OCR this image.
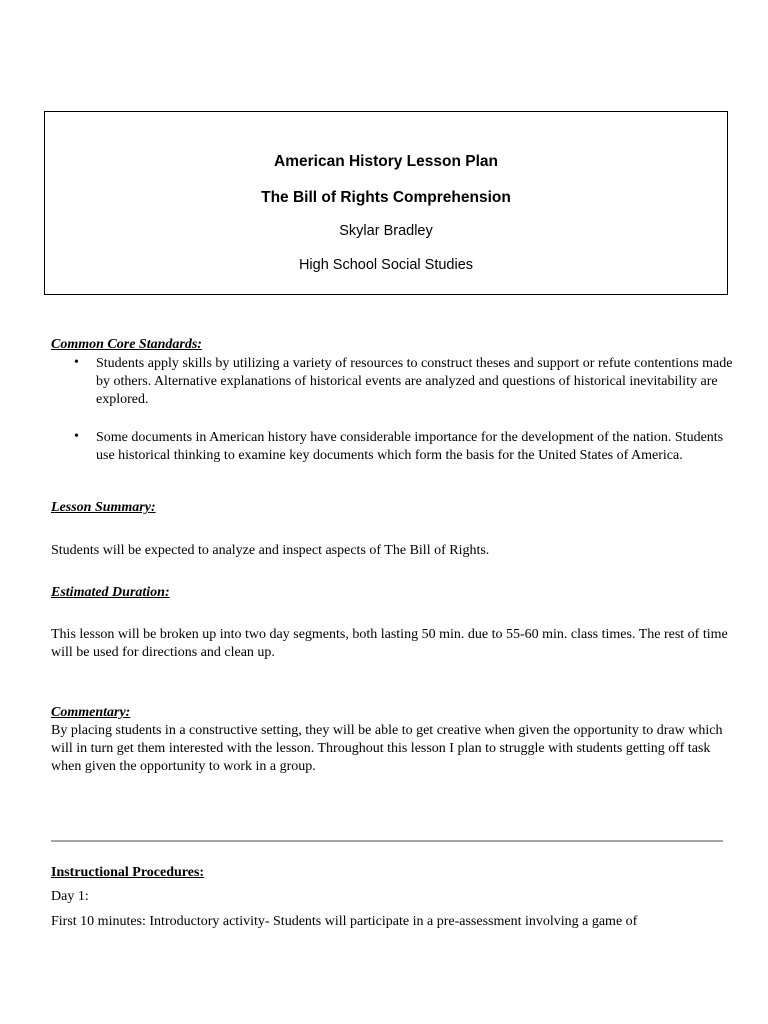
American History Lesson Plan
The Bill of Rights Comprehension
Skylar Bradley
High School Social Studies
Common Core Standards:
• Students apply skills by utilizing a variety of resources to construct theses and support or refute contentions made by others. Alternative explanations of historical events are analyzed and questions of historical inevitability are explored.
• Some documents in American history have considerable importance for the development of the nation. Students use historical thinking to examine key documents which form the basis for the United States of America.
Lesson Summary:
Students will be expected to analyze and inspect aspects of The Bill of Rights.
Estimated Duration:
This lesson will be broken up into two day segments, both lasting 50 min. due to 55-60 min. class times. The rest of time will be used for directions and clean up.
Commentary:
By placing students in a constructive setting, they will be able to get creative when given the opportunity to draw which will in turn get them interested with the lesson. Throughout this lesson I plan to struggle with students getting off task when given the opportunity to work in a group.
Instructional Procedures:
Day 1:
First 10 minutes: Introductory activity- Students will participate in a pre-assessment involving a game of
